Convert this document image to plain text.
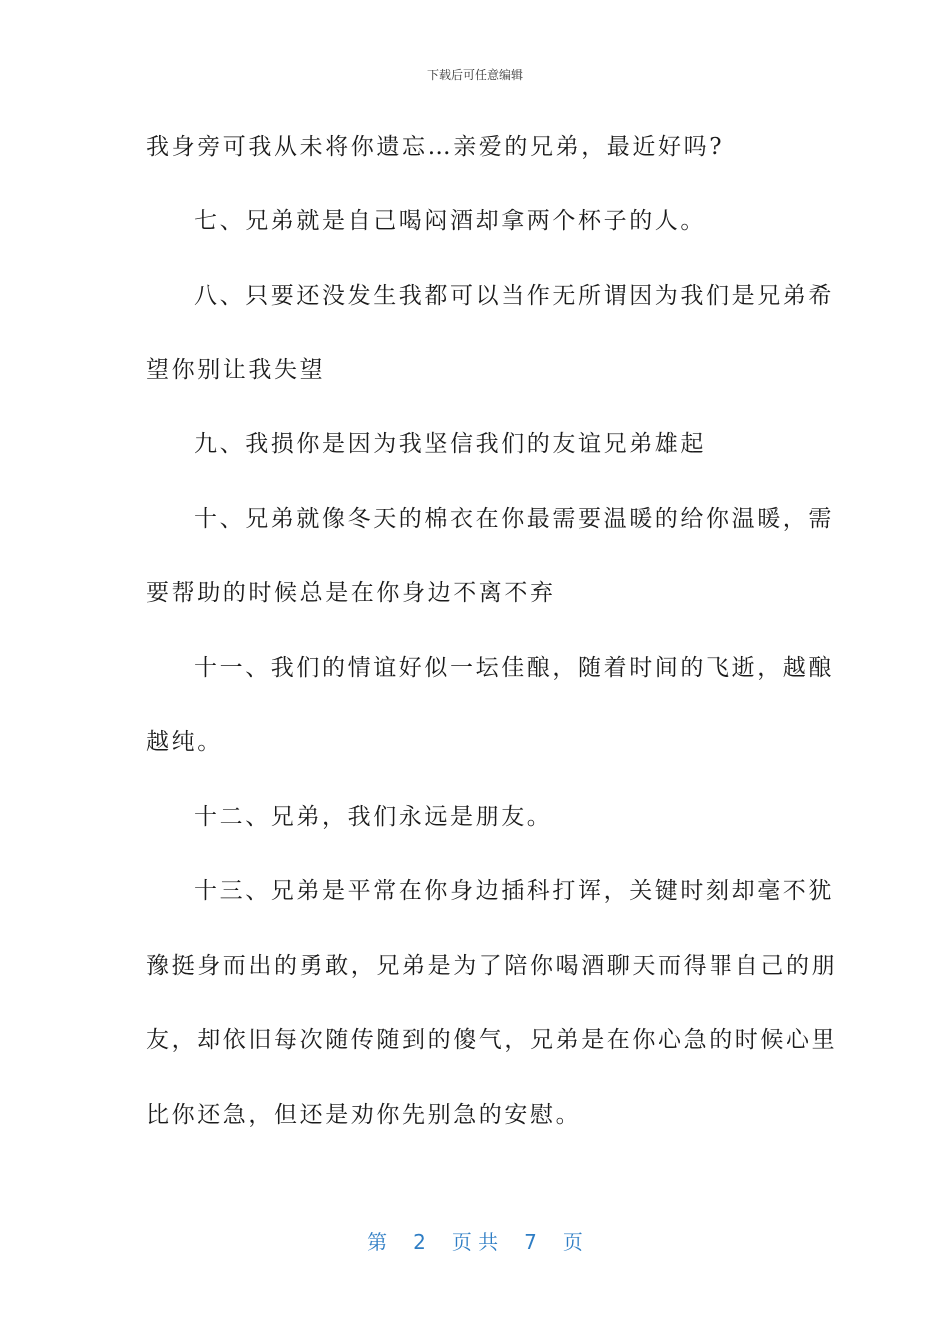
下载后可任意编辑
我身旁可我从未将你遗忘…亲爱的兄弟，最近好吗?
七、兄弟就是自己喝闷酒却拿两个杯子的人。
八、只要还没发生我都可以当作无所谓因为我们是兄弟希
望你别让我失望
九、我损你是因为我坚信我们的友谊兄弟雄起
十、兄弟就像冬天的棉衣在你最需要温暖的给你温暖，需
要帮助的时候总是在你身边不离不弃
十一、我们的情谊好似一坛佳酿，随着时间的飞逝，越酿
越纯。
十二、兄弟，我们永远是朋友。
十三、兄弟是平常在你身边插科打诨，关键时刻却毫不犹
豫挺身而出的勇敢，兄弟是为了陪你喝酒聊天而得罪自己的朋
友，却依旧每次随传随到的傻气，兄弟是在你心急的时候心里
比你还急，但还是劝你先别急的安慰。
第 2 页 共 7 页
